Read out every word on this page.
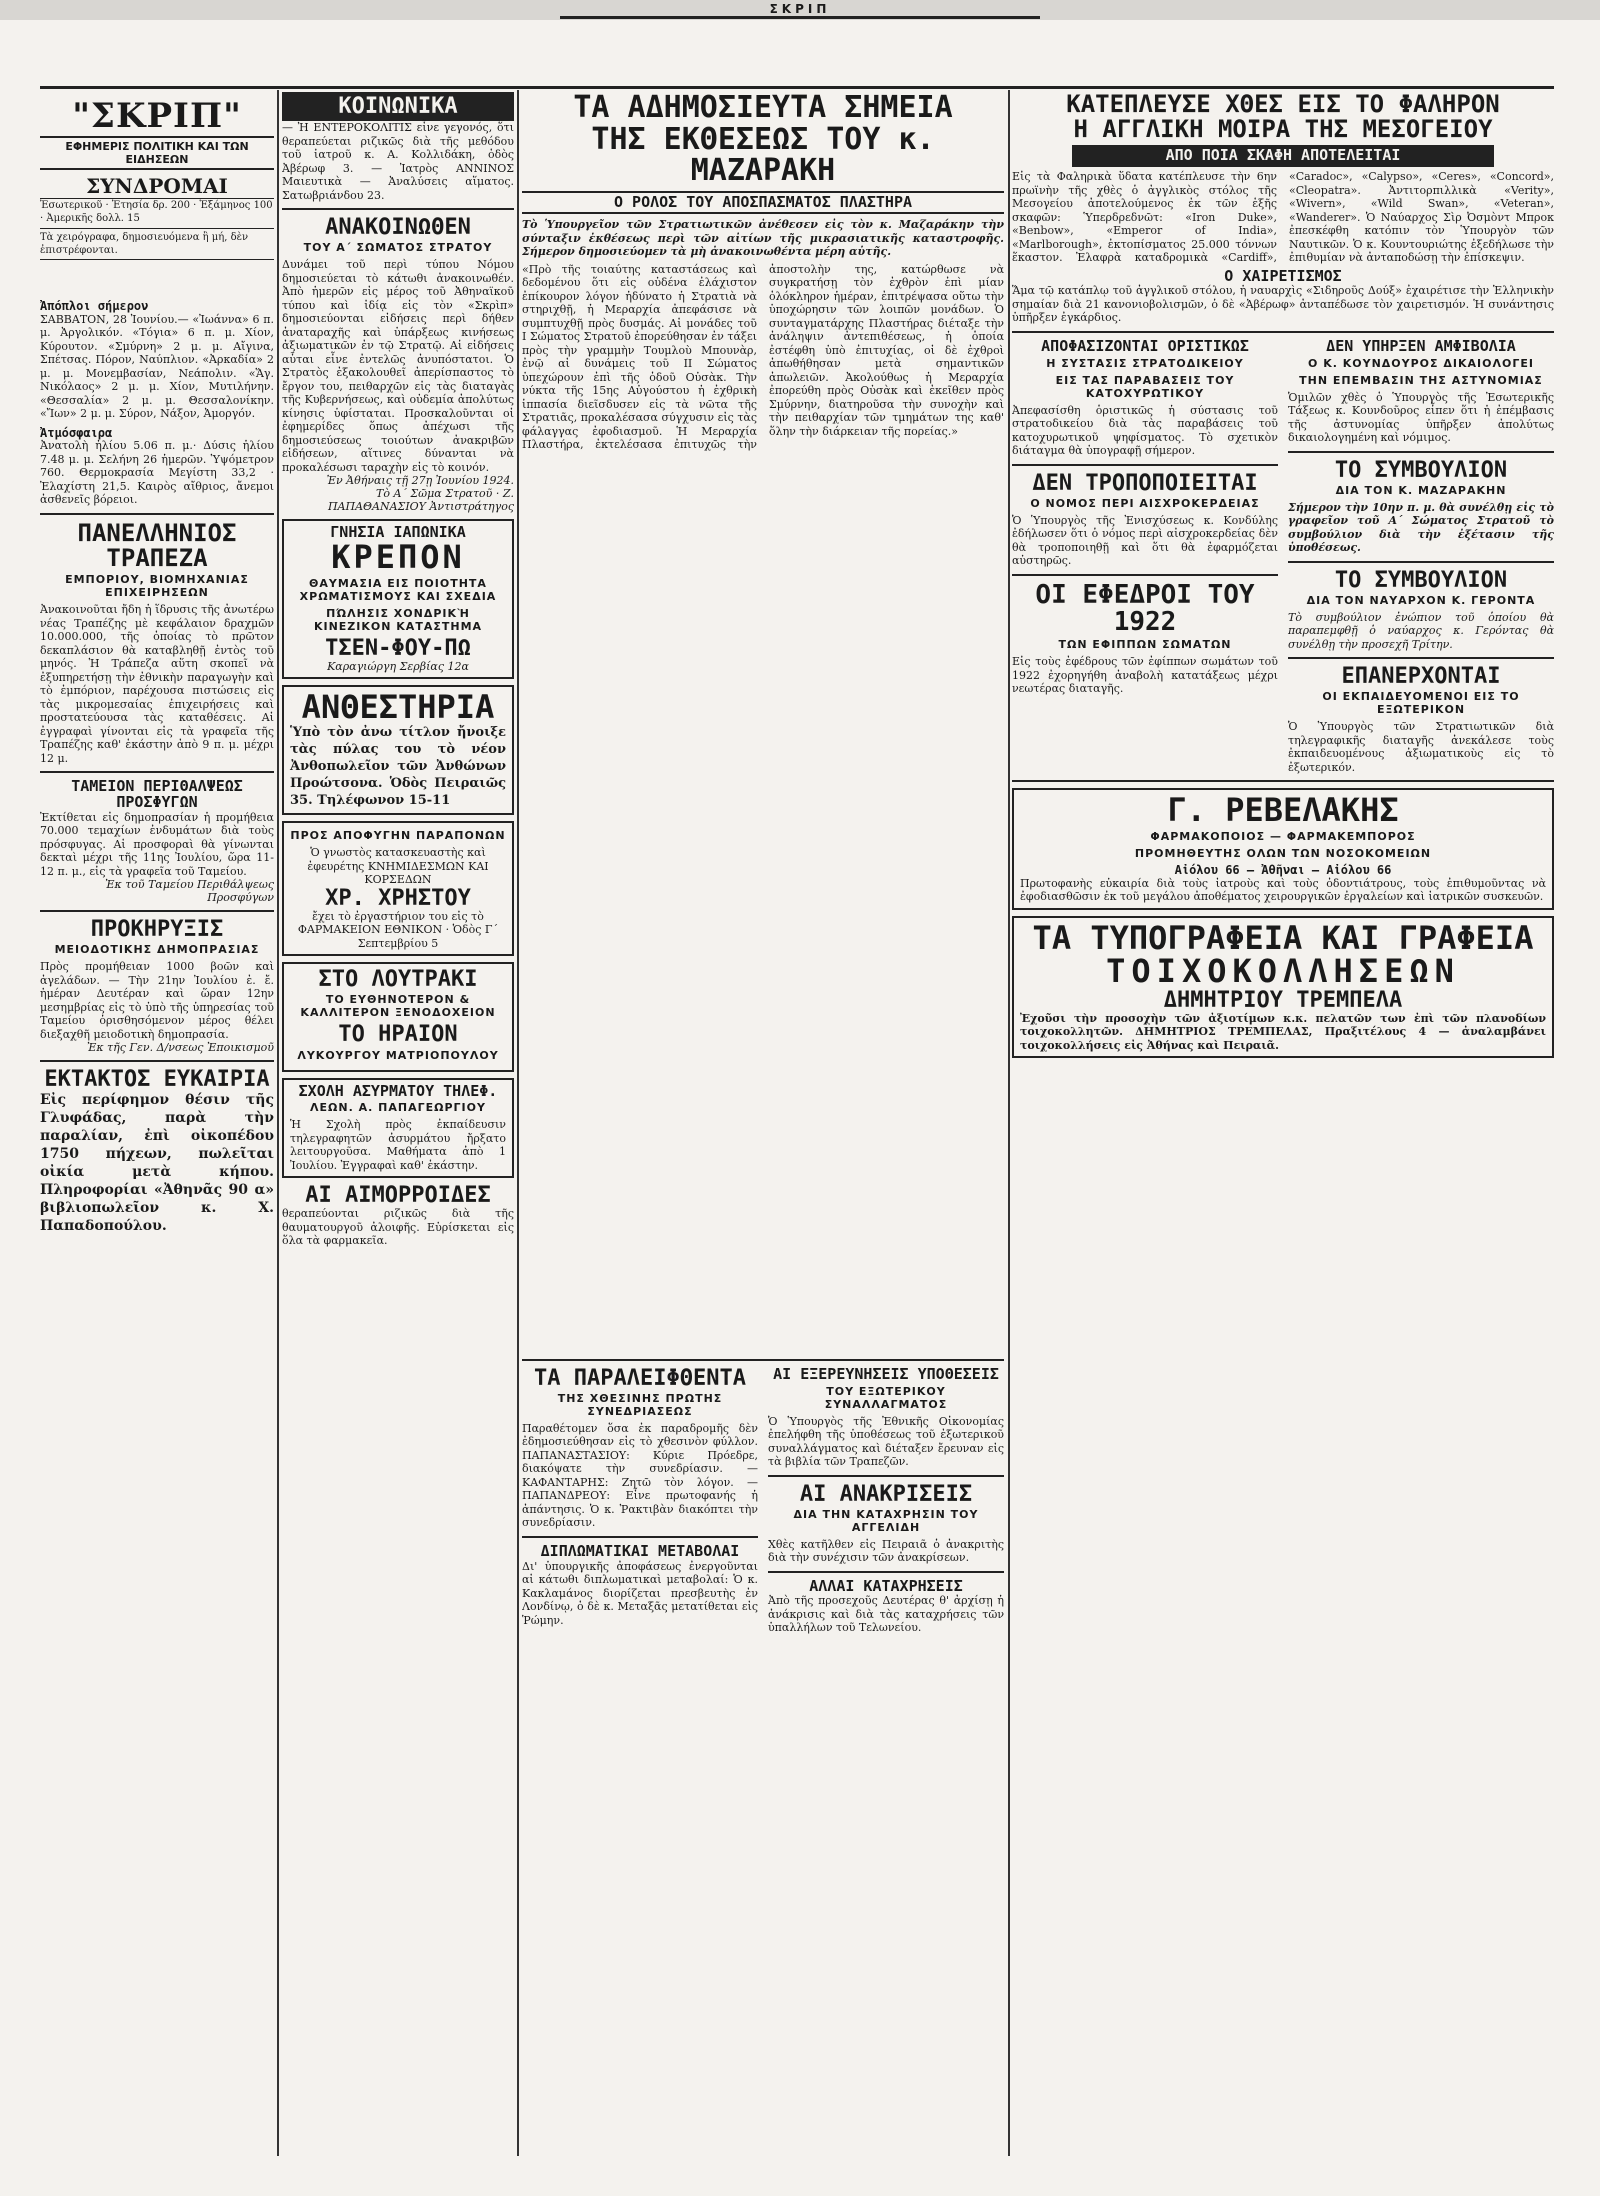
ΣΚΡΙΠ
"ΣΚΡΙΠ"
ΕΦΗΜΕΡΙΣ ΠΟΛΙΤΙΚΗ ΚΑΙ ΤΩΝ ΕΙΔΗΣΕΩΝ
ΣΥΝΔΡΟΜΑΙ
Ἐσωτερικοῦ · Ἐτησία δρ. 200 · Ἑξάμηνος 100 · Ἀμερικῆς δολλ. 15
Τὰ χειρόγραφα, δημοσιευόμενα ἢ μή, δὲν ἐπιστρέφονται.
Ἀπόπλοι σήμερον
ΣΑΒΒΑΤΟΝ, 28 Ἰουνίου.— «Ἰωάννα» 6 π. μ. Ἀργολικόν. «Τόγια» 6 π. μ. Χίον, Κύρουτον. «Σμύρνη» 2 μ. μ. Αἴγινα, Σπέτσας. Πόρον, Ναύπλιον. «Ἀρκαδία» 2 μ. μ. Μονεμβασίαν, Νεάπολιν. «Ἅγ. Νικόλαος» 2 μ. μ. Χίον, Μυτιλήνην. «Θεσσαλία» 2 μ. μ. Θεσσαλονίκην. «Ἴων» 2 μ. μ. Σύρον, Νάξον, Ἀμοργόν.
Ἀτμόσφαιρα
Ἀνατολὴ ἡλίου 5.06 π. μ.· Δύσις ἡλίου 7.48 μ. μ. Σελήνη 26 ἡμερῶν. Ὑψόμετρον 760. Θερμοκρασία Μεγίστη 33,2 · Ἐλαχίστη 21,5. Καιρὸς αἴθριος, ἄνεμοι ἀσθενεῖς βόρειοι.
ΠΑΝΕΛΛΗΝΙΟΣ ΤΡΑΠΕΖΑ
ΕΜΠΟΡΙΟΥ, ΒΙΟΜΗΧΑΝΙΑΣ ΕΠΙΧΕΙΡΗΣΕΩΝ
Ἀνακοινοῦται ἤδη ἡ ἵδρυσις τῆς ἀνωτέρω νέας Τραπέζης μὲ κεφάλαιον δραχμῶν 10.000.000, τῆς ὁποίας τὸ πρῶτον δεκαπλάσιον θὰ καταβληθῇ ἐντὸς τοῦ μηνός. Ἡ Τράπεζα αὕτη σκοπεῖ νὰ ἐξυπηρετήσῃ τὴν ἐθνικὴν παραγωγὴν καὶ τὸ ἐμπόριον, παρέχουσα πιστώσεις εἰς τὰς μικρομεσαίας ἐπιχειρήσεις καὶ προστατεύουσα τὰς καταθέσεις. Αἱ ἐγγραφαὶ γίνονται εἰς τὰ γραφεῖα τῆς Τραπέζης καθ' ἑκάστην ἀπὸ 9 π. μ. μέχρι 12 μ.
ΤΑΜΕΙΟΝ ΠΕΡΙΘΑΛΨΕΩΣ ΠΡΟΣΦΥΓΩΝ
Ἐκτίθεται εἰς δημοπρασίαν ἡ προμήθεια 70.000 τεμαχίων ἐνδυμάτων διὰ τοὺς πρόσφυγας. Αἱ προσφοραὶ θὰ γίνωνται δεκταὶ μέχρι τῆς 11ης Ἰουλίου, ὥρα 11-12 π. μ., εἰς τὰ γραφεῖα τοῦ Ταμείου.
Ἐκ τοῦ Ταμείου Περιθάλψεως Προσφύγων
ΠΡΟΚΗΡΥΞΙΣ
ΜΕΙΟΔΟΤΙΚΗΣ ΔΗΜΟΠΡΑΣΙΑΣ
Πρὸς προμήθειαν 1000 βοῶν καὶ ἀγελάδων. — Τὴν 21ην Ἰουλίου ἐ. ἔ. ἡμέραν Δευτέραν καὶ ὥραν 12ην μεσημβρίας εἰς τὸ ὑπὸ τῆς ὑπηρεσίας τοῦ Ταμείου ὁρισθησόμενον μέρος θέλει διεξαχθῆ μειοδοτικὴ δημοπρασία.
Ἐκ τῆς Γεν. Δ/νσεως Ἐποικισμοῦ
ΕΚΤΑΚΤΟΣ ΕΥΚΑΙΡΙΑ
Εἰς περίφημον θέσιν τῆς Γλυφάδας, παρὰ τὴν παραλίαν, ἐπὶ οἰκοπέδου 1750 πήχεων, πωλεῖται οἰκία μετὰ κήπου. Πληροφορίαι «Ἀθηνᾶς 90 α» βιβλιοπωλεῖον κ. Χ. Παπαδοπούλου.
ΚΟΙΝΩΝΙΚΑ
— Ἡ ΕΝΤΕΡΟΚΟΛΙΤΙΣ εἶνε γεγονός, ὅτι θεραπεύεται ριζικῶς διὰ τῆς μεθόδου τοῦ ἰατροῦ κ. Α. Κολλιδάκη, ὁδὸς Ἀβέρωφ 3. — Ἰατρὸς ΑΝΝΙΝΟΣ Μαιευτικὰ — Ἀναλύσεις αἵματος. Σατωβριάνδου 23.
ΑΝΑΚΟΙΝΩΘΕΝ
ΤΟΥ Α΄ ΣΩΜΑΤΟΣ ΣΤΡΑΤΟΥ
Δυνάμει τοῦ περὶ τύπου Νόμου δημοσιεύεται τὸ κάτωθι ἀνακοινωθέν. Ἀπὸ ἡμερῶν εἰς μέρος τοῦ Ἀθηναϊκοῦ τύπου καὶ ἰδίᾳ εἰς τὸν «Σκρὶπ» δημοσιεύονται εἰδήσεις περὶ δήθεν ἀναταραχῆς καὶ ὑπάρξεως κινήσεως ἀξιωματικῶν ἐν τῷ Στρατῷ. Αἱ εἰδήσεις αὗται εἶνε ἐντελῶς ἀνυπόστατοι. Ὁ Στρατὸς ἐξακολουθεῖ ἀπερίσπαστος τὸ ἔργον του, πειθαρχῶν εἰς τὰς διαταγὰς τῆς Κυβερνήσεως, καὶ οὐδεμία ἀπολύτως κίνησις ὑφίσταται. Προσκαλοῦνται οἱ ἐφημερίδες ὅπως ἀπέχωσι τῆς δημοσιεύσεως τοιούτων ἀνακριβῶν εἰδήσεων, αἵτινες δύνανται νὰ προκαλέσωσι ταραχὴν εἰς τὸ κοινόν.
Ἐν Ἀθήναις τῇ 27ῃ Ἰουνίου 1924.
Τὸ Α΄ Σῶμα Στρατοῦ · Ζ. ΠΑΠΑΘΑΝΑΣΙΟΥ Ἀντιστράτηγος
ΓΝΗΣΙΑ ΙΑΠΩΝΙΚΑ
ΚΡΕΠΟΝ
ΘΑΥΜΑΣΙΑ ΕΙΣ ΠΟΙΟΤΗΤΑ ΧΡΩΜΑΤΙΣΜΟΥΣ ΚΑΙ ΣΧΕΔΙΑ
ΠΏΛΗΣΙΣ ΧΟΝΔΡΙΚῊ ΚΙΝΕΖΙΚΟΝ ΚΑΤΑΣΤΗΜΑ
ΤΣΕΝ-ΦΟΥ-ΠΩ
Καραγιώργη Σερβίας 12α
ΑΝΘΕΣΤΗΡΙΑ
Ὑπὸ τὸν ἀνω τίτλον ἤνοιξε τὰς πύλας του τὸ νέον Ἀνθοπωλεῖον τῶν Ἀνθώνων Προώτσονα. Ὁδὸς Πειραιῶς 35. Τηλέφωνον 15-11
ΠΡΟΣ ΑΠΟΦΥΓΗΝ ΠΑΡΑΠΟΝΩΝ
Ὁ γνωστὸς κατασκευαστὴς καὶ ἐφευρέτης ΚΝΗΜΙΔΕΣΜΩΝ ΚΑΙ ΚΟΡΣΕΔΩΝ
ΧΡ. ΧΡΗΣΤΟΥ
ἔχει τὸ ἐργαστήριον του εἰς τὸ ΦΑΡΜΑΚΕΙΟΝ ΕΘΝΙΚΟΝ · Ὁδὸς Γ΄ Σεπτεμβρίου 5
ΣΤΟ ΛΟΥΤΡΑΚΙ
ΤΟ ΕΥΘΗΝΟΤΕΡΟΝ & ΚΑΛΛΙΤΕΡΟΝ ΞΕΝΟΔΟΧΕΙΟΝ
ΤΟ ΗΡΑΙΟΝ
ΛΥΚΟΥΡΓΟΥ ΜΑΤΡΙΟΠΟΥΛΟΥ
ΣΧΟΛΗ ΑΣΥΡΜΑΤΟΥ ΤΗΛΕΦ.
ΛΕΩΝ. Α. ΠΑΠΑΓΕΩΡΓΙΟΥ
Ἡ Σχολὴ πρὸς ἐκπαίδευσιν τηλεγραφητῶν ἀσυρμάτου ἤρξατο λειτουργοῦσα. Μαθήματα ἀπὸ 1 Ἰουλίου. Ἐγγραφαὶ καθ' ἑκάστην.
ΑΙ ΑΙΜΟΡΡΟΙΔΕΣ
θεραπεύονται ριζικῶς διὰ τῆς θαυματουργοῦ ἀλοιφῆς. Εὑρίσκεται εἰς ὅλα τὰ φαρμακεῖα.
ΤΑ ΑΔΗΜΟΣΙΕΥΤΑ ΣΗΜΕΙΑ
ΤΗΣ ΕΚΘΕΣΕΩΣ ΤΟΥ κ. ΜΑΖΑΡΑΚΗ
Ο ΡΟΛΟΣ ΤΟΥ ΑΠΟΣΠΑΣΜΑΤΟΣ ΠΛΑΣΤΗΡΑ
Τὸ Ὑπουργεῖον τῶν Στρατιωτικῶν ἀνέθεσεν εἰς τὸν κ. Μαζαράκην τὴν σύνταξιν ἐκθέσεως περὶ τῶν αἰτίων τῆς μικρασιατικῆς καταστροφῆς. Σήμερον δημοσιεύομεν τὰ μὴ ἀνακοινωθέντα μέρη αὐτῆς.
«Πρὸ τῆς τοιαύτης καταστάσεως καὶ δεδομένου ὅτι εἰς οὐδένα ἐλάχιστον ἐπίκουρον λόγον ἠδύνατο ἡ Στρατιὰ νὰ στηριχθῇ, ἡ Μεραρχία ἀπεφάσισε νὰ συμπτυχθῇ πρὸς δυσμάς. Αἱ μονάδες τοῦ Ι Σώματος Στρατοῦ ἐπορεύθησαν ἐν τάξει πρὸς τὴν γραμμὴν Τουμλοὺ Μπουνὰρ, ἐνῷ αἱ δυνάμεις τοῦ ΙΙ Σώματος ὑπεχώρουν ἐπὶ τῆς ὁδοῦ Οὐσὰκ. Τὴν νύκτα τῆς 15ης Αὐγούστου ἡ ἐχθρικὴ ἱππασία διεῖσδυσεν εἰς τὰ νῶτα τῆς Στρατιᾶς, προκαλέσασα σύγχυσιν εἰς τὰς φάλαγγας ἐφοδιασμοῦ. Ἡ Μεραρχία Πλαστήρα, ἐκτελέσασα ἐπιτυχῶς τὴν ἀποστολὴν της, κατώρθωσε νὰ συγκρατήσῃ τὸν ἐχθρὸν ἐπὶ μίαν ὁλόκληρον ἡμέραν, ἐπιτρέψασα οὕτω τὴν ὑποχώρησιν τῶν λοιπῶν μονάδων. Ὁ συνταγματάρχης Πλαστήρας διέταξε τὴν ἀνάληψιν ἀντεπιθέσεως, ἡ ὁποία ἐστέφθη ὑπὸ ἐπιτυχίας, οἱ δὲ ἐχθροὶ ἀπωθήθησαν μετὰ σημαντικῶν ἀπωλειῶν. Ἀκολούθως ἡ Μεραρχία ἐπορεύθη πρὸς Οὐσὰκ καὶ ἐκεῖθεν πρὸς Σμύρνην, διατηροῦσα τὴν συνοχὴν καὶ τὴν πειθαρχίαν τῶν τμημάτων της καθ' ὅλην τὴν διάρκειαν τῆς πορείας.»
ΤΑ ΠΑΡΑΛΕΙΦΘΕΝΤΑ
ΤΗΣ ΧΘΕΣΙΝΗΣ ΠΡΩΤΗΣ ΣΥΝΕΔΡΙΑΣΕΩΣ
Παραθέτομεν ὅσα ἐκ παραδρομῆς δὲν ἐδημοσιεύθησαν εἰς τὸ χθεσινὸν φύλλον. ΠΑΠΑΝΑΣΤΑΣΙΟΥ: Κύριε Πρόεδρε, διακόψατε τὴν συνεδρίασιν. — ΚΑΦΑΝΤΑΡΗΣ: Ζητῶ τὸν λόγον. — ΠΑΠΑΝΔΡΕΟΥ: Εἶνε πρωτοφανής ἡ ἀπάντησις. Ὁ κ. Ῥακτιβὰν διακόπτει τὴν συνεδρίασιν.
ΔΙΠΛΩΜΑΤΙΚΑΙ ΜΕΤΑΒΟΛΑΙ
Δι' ὑπουργικῆς ἀποφάσεως ἐνεργοῦνται αἱ κάτωθι διπλωματικαὶ μεταβολαί: Ὁ κ. Κακλαμάνος διορίζεται πρεσβευτὴς ἐν Λονδίνῳ, ὁ δὲ κ. Μεταξᾶς μετατίθεται εἰς Ῥώμην.
ΑΙ ΕΞΕΡΕΥΝΗΣΕΙΣ ΥΠΟΘΕΣΕΙΣ
ΤΟΥ ΕΞΩΤΕΡΙΚΟΥ ΣΥΝΑΛΛΑΓΜΑΤΟΣ
Ὁ Ὑπουργὸς τῆς Ἐθνικῆς Οἰκονομίας ἐπελήφθη τῆς ὑποθέσεως τοῦ ἐξωτερικοῦ συναλλάγματος καὶ διέταξεν ἔρευναν εἰς τὰ βιβλία τῶν Τραπεζῶν.
ΑΙ ΑΝΑΚΡΙΣΕΙΣ
ΔΙΑ ΤΗΝ ΚΑΤΑΧΡΗΣΙΝ ΤΟΥ ΑΓΓΕΛΙΔΗ
Χθὲς κατῆλθεν εἰς Πειραιᾶ ὁ ἀνακριτὴς διὰ τὴν συνέχισιν τῶν ἀνακρίσεων.
ΑΛΛΑΙ ΚΑΤΑΧΡΗΣΕΙΣ
Ἀπὸ τῆς προσεχοῦς Δευτέρας θ' ἀρχίσῃ ἡ ἀνάκρισις καὶ διὰ τὰς καταχρήσεις τῶν ὑπαλλήλων τοῦ Τελωνείου.
ΚΑΤΕΠΛΕΥΣΕ ΧΘΕΣ ΕΙΣ ΤΟ ΦΑΛΗΡΟΝ
Η ΑΓΓΛΙΚΗ ΜΟΙΡΑ ΤΗΣ ΜΕΣΟΓΕΙΟΥ
ΑΠΟ ΠΟΙΑ ΣΚΑΦΗ ΑΠΟΤΕΛΕΙΤΑΙ
Εἰς τὰ Φαληρικὰ ὕδατα κατέπλευσε τὴν 6ην πρωϊνὴν τῆς χθὲς ὁ ἀγγλικὸς στόλος τῆς Μεσογείου ἀποτελούμενος ἐκ τῶν ἑξῆς σκαφῶν: Ὑπερδρεδνῶτ: «Iron Duke», «Benbow», «Emperor of India», «Marlborough», ἐκτοπίσματος 25.000 τόννων ἕκαστον. Ἐλαφρὰ καταδρομικὰ «Cardiff», «Caradoc», «Calypso», «Ceres», «Concord», «Cleopatra». Ἀντιτορπιλλικὰ «Verity», «Wivern», «Wild Swan», «Veteran», «Wanderer». Ὁ Ναύαρχος Σὶρ Ὀσμὸντ Μπροκ ἐπεσκέφθη κατόπιν τὸν Ὑπουργὸν τῶν Ναυτικῶν. Ὁ κ. Κουντουριώτης ἐξεδήλωσε τὴν ἐπιθυμίαν νὰ ἀνταποδώσῃ τὴν ἐπίσκεψιν.
Ο ΧΑΙΡΕΤΙΣΜΟΣ
Ἅμα τῷ κατάπλῳ τοῦ ἀγγλικοῦ στόλου, ἡ ναυαρχὶς «Σιδηροῦς Δούξ» ἐχαιρέτισε τὴν Ἑλληνικὴν σημαίαν διὰ 21 κανονιοβολισμῶν, ὁ δὲ «Ἀβέρωφ» ἀνταπέδωσε τὸν χαιρετισμόν. Ἡ συνάντησις ὑπῆρξεν ἐγκάρδιος.
ΑΠΟΦΑΣΙΖΟΝΤΑΙ ΟΡΙΣΤΙΚΩΣ
Η ΣΥΣΤΑΣΙΣ ΣΤΡΑΤΟΔΙΚΕΙΟΥ
ΕΙΣ ΤΑΣ ΠΑΡΑΒΑΣΕΙΣ ΤΟΥ ΚΑΤΟΧΥΡΩΤΙΚΟΥ
Ἀπεφασίσθη ὁριστικῶς ἡ σύστασις τοῦ στρατοδικείου διὰ τὰς παραβάσεις τοῦ κατοχυρωτικοῦ ψηφίσματος. Τὸ σχετικὸν διάταγμα θὰ ὑπογραφῇ σήμερον.
ΔΕΝ ΤΡΟΠΟΠΟΙΕΙΤΑΙ
Ο ΝΟΜΟΣ ΠΕΡΙ ΑΙΣΧΡΟΚΕΡΔΕΙΑΣ
Ὁ Ὑπουργὸς τῆς Ἐνισχύσεως κ. Κονδύλης ἐδήλωσεν ὅτι ὁ νόμος περὶ αἰσχροκερδείας δὲν θὰ τροποποιηθῇ καὶ ὅτι θὰ ἐφαρμόζεται αὐστηρῶς.
ΟΙ ΕΦΕΔΡΟΙ ΤΟΥ 1922
ΤΩΝ ΕΦΙΠΠΩΝ ΣΩΜΑΤΩΝ
Εἰς τοὺς ἐφέδρους τῶν ἐφίππων σωμάτων τοῦ 1922 ἐχορηγήθη ἀναβολὴ κατατάξεως μέχρι νεωτέρας διαταγῆς.
ΔΕΝ ΥΠΗΡΞΕΝ ΑΜΦΙΒΟΛΙΑ
Ο Κ. ΚΟΥΝΔΟΥΡΟΣ ΔΙΚΑΙΟΛΟΓΕΙ
ΤΗΝ ΕΠΕΜΒΑΣΙΝ ΤΗΣ ΑΣΤΥΝΟΜΙΑΣ
Ὁμιλῶν χθὲς ὁ Ὑπουργὸς τῆς Ἐσωτερικῆς Τάξεως κ. Κουνδοῦρος εἶπεν ὅτι ἡ ἐπέμβασις τῆς ἀστυνομίας ὑπῆρξεν ἀπολύτως δικαιολογημένη καὶ νόμιμος.
ΤΟ ΣΥΜΒΟΥΛΙΟΝ
ΔΙΑ ΤΟΝ Κ. ΜΑΖΑΡΑΚΗΝ
Σήμερον τὴν 10ην π. μ. θὰ συνέλθῃ εἰς τὸ γραφεῖον τοῦ Α΄ Σώματος Στρατοῦ τὸ συμβούλιον διὰ τὴν ἐξέτασιν τῆς ὑποθέσεως.
ΤΟ ΣΥΜΒΟΥΛΙΟΝ
ΔΙΑ ΤΟΝ ΝΑΥΑΡΧΟΝ Κ. ΓΕΡΟΝΤΑ
Τὸ συμβούλιον ἐνώπιον τοῦ ὁποίου θὰ παραπεμφθῇ ὁ ναύαρχος κ. Γερόντας θὰ συνέλθῃ τὴν προσεχῆ Τρίτην.
ΕΠΑΝΕΡΧΟΝΤΑΙ
ΟΙ ΕΚΠΑΙΔΕΥΟΜΕΝΟΙ ΕΙΣ ΤΟ ΕΞΩΤΕΡΙΚΟΝ
Ὁ Ὑπουργὸς τῶν Στρατιωτικῶν διὰ τηλεγραφικῆς διαταγῆς ἀνεκάλεσε τοὺς ἐκπαιδευομένους ἀξιωματικοὺς εἰς τὸ ἐξωτερικόν.
Γ. ΡΕΒΕΛΑΚΗΣ
ΦΑΡΜΑΚΟΠΟΙΟΣ — ΦΑΡΜΑΚΕΜΠΟΡΟΣ
ΠΡΟΜΗΘΕΥΤΗΣ ΟΛΩΝ ΤΩΝ ΝΟΣΟΚΟΜΕΙΩΝ
Αἰόλου 66 — Ἀθῆναι — Αἰόλου 66
Πρωτοφανὴς εὐκαιρία διὰ τοὺς ἰατροὺς καὶ τοὺς ὀδοντιάτρους, τοὺς ἐπιθυμοῦντας νὰ ἐφοδιασθῶσιν ἐκ τοῦ μεγάλου ἀποθέματος χειρουργικῶν ἐργαλείων καὶ ἰατρικῶν συσκευῶν.
ΤΑ ΤΥΠΟΓΡΑΦΕΙΑ ΚΑΙ ΓΡΑΦΕΙΑ
ΤΟΙΧΟΚΟΛΛΗΣΕΩΝ
ΔΗΜΗΤΡΙΟΥ ΤΡΕΜΠΕΛΑ
Ἐχοῦσι τὴν προσοχὴν τῶν ἀξιοτίμων κ.κ. πελατῶν των ἐπὶ τῶν πλανοδίων τοιχοκολλητῶν. ΔΗΜΗΤΡΙΟΣ ΤΡΕΜΠΕΛΑΣ, Πραξιτέλους 4 — ἀναλαμβάνει τοιχοκολλήσεις εἰς Ἀθήνας καὶ Πειραιᾶ.
